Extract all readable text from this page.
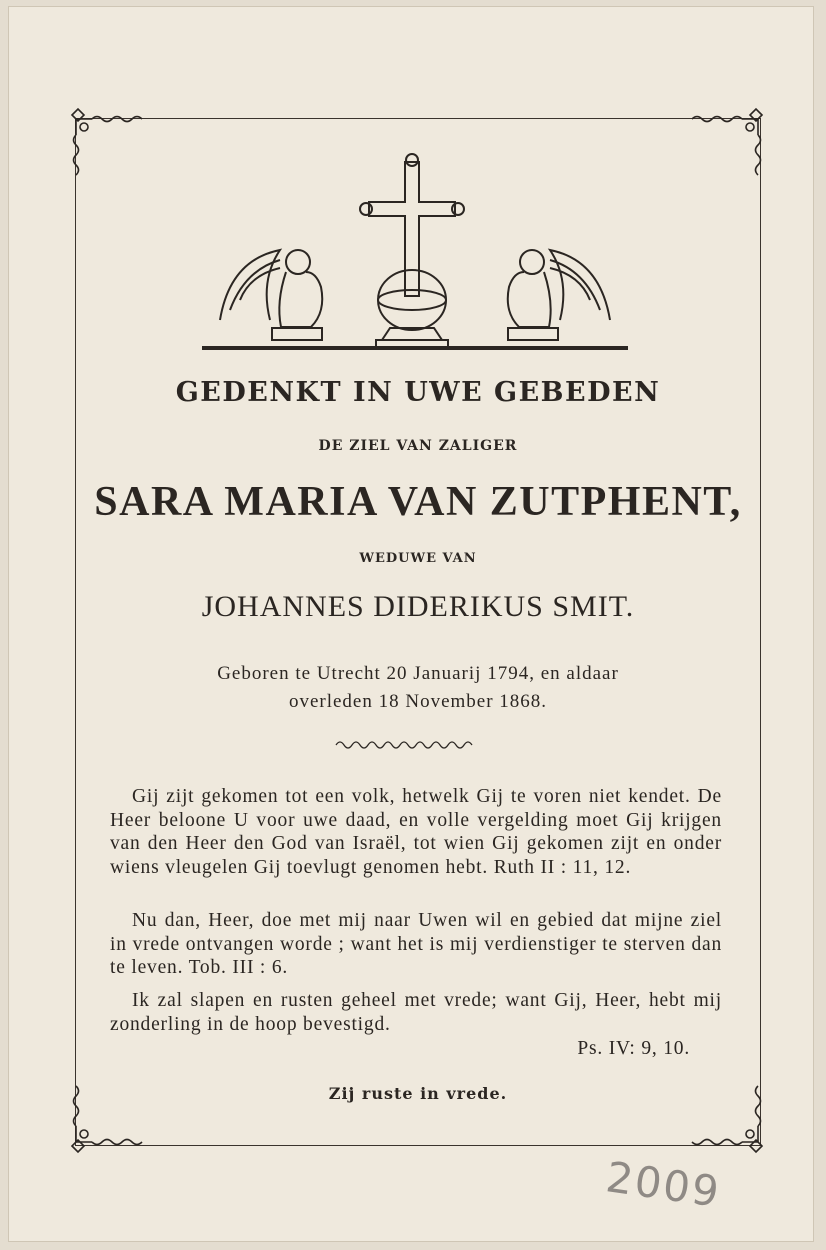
GEDENKT IN UWE GEBEDEN
DE ZIEL VAN ZALIGER
SARA MARIA VAN ZUTPHENT,
WEDUWE VAN
JOHANNES DIDERIKUS SMIT.
Geboren te Utrecht 20 Januarij 1794, en aldaar
overleden 18 November 1868.
Gij zijt gekomen tot een volk, hetwelk Gij te voren niet kendet. De Heer beloone U voor uwe daad, en volle vergelding moet Gij krijgen van den Heer den God van Israël, tot wien Gij gekomen zijt en onder wiens vleugelen Gij toevlugt genomen hebt. Ruth II : 11, 12.
Nu dan, Heer, doe met mij naar Uwen wil en gebied dat mijne ziel in vrede ontvangen worde ; want het is mij verdienstiger te sterven dan te leven. Tob. III : 6.
Ik zal slapen en rusten geheel met vrede; want Gij, Heer, hebt mij zonderling in de hoop bevestigd.
Ps. IV: 9, 10.
Zij ruste in vrede.
2009
